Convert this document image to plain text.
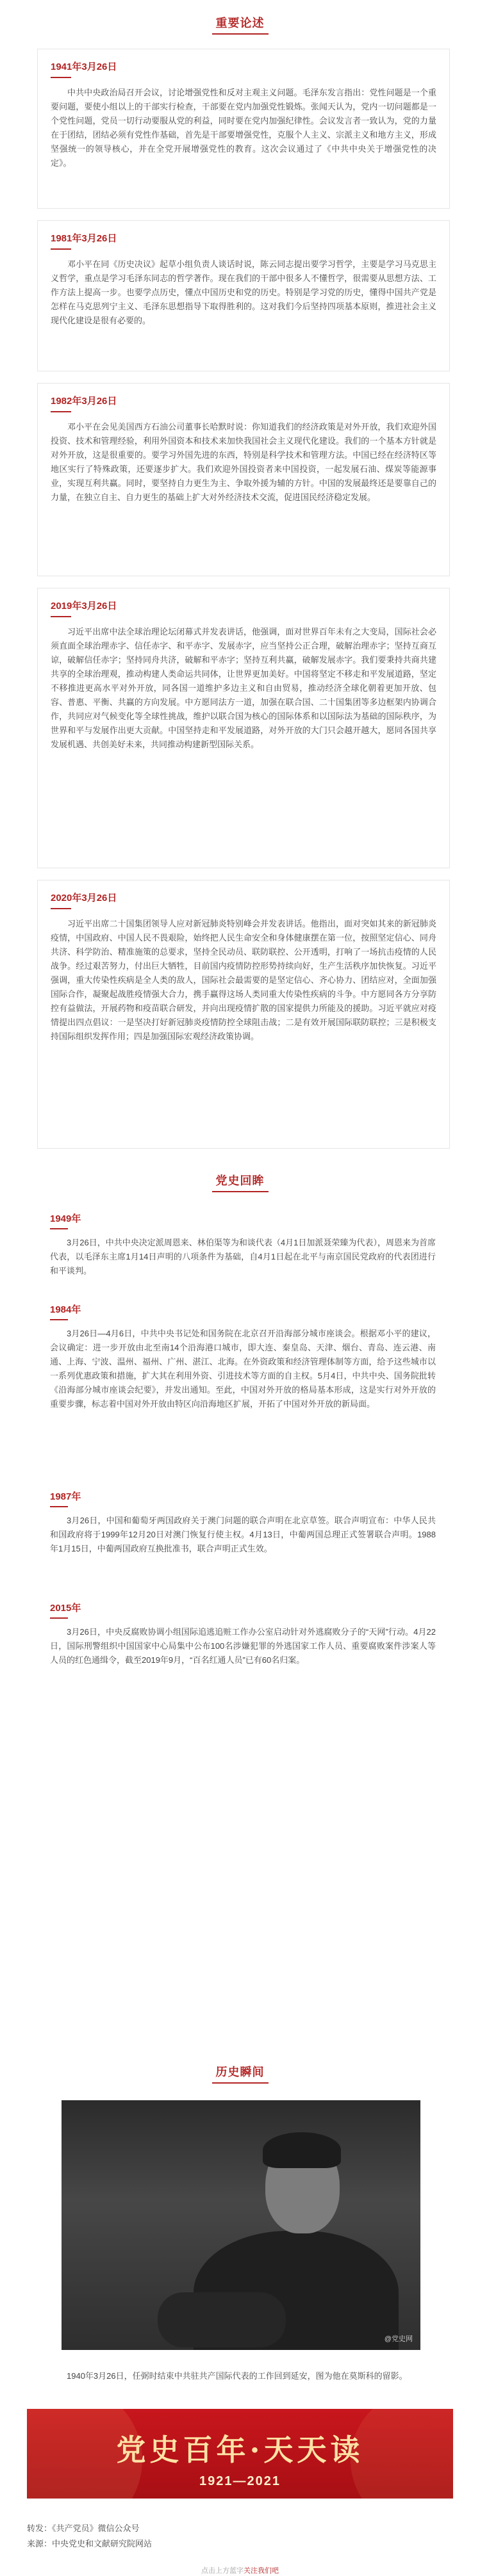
重要论述
1941年3月26日

中共中央政治局召开会议，讨论增强党性和反对主观主义问题。毛泽东发言指出：党性问题是一个重要问题，要使小组以上的干部实行检查，干部要在党内加强党性锻炼。张闻天认为，党内一切问题都是一个党性问题，党员一切行动要服从党的利益，同时要在党内加强纪律性。会议发言者一致认为，党的力量在于团结，团结必须有党性作基础，首先是干部要增强党性，克服个人主义、宗派主义和地方主义，形成坚强统一的领导核心，并在全党开展增强党性的教育。这次会议通过了《中共中央关于增强党性的决定》。

1981年3月26日

邓小平在同《历史决议》起草小组负责人谈话时说，陈云同志提出要学习哲学，主要是学习马克思主义哲学，重点是学习毛泽东同志的哲学著作。现在我们的干部中很多人不懂哲学，很需要从思想方法、工作方法上提高一步。也要学点历史，懂点中国历史和党的历史。特别是学习党的历史，懂得中国共产党是怎样在马克思列宁主义、毛泽东思想指导下取得胜利的。这对我们今后坚持四项基本原则，推进社会主义现代化建设是很有必要的。

1982年3月26日

邓小平在会见美国西方石油公司董事长哈默时说：你知道我们的经济政策是对外开放，我们欢迎外国投资、技术和管理经验，利用外国资本和技术来加快我国社会主义现代化建设。我们的一个基本方针就是对外开放，这是很重要的。要学习外国先进的东西，特别是科学技术和管理方法。中国已经在经济特区等地区实行了特殊政策，还要逐步扩大。我们欢迎外国投资者来中国投资，一起发展石油、煤炭等能源事业，实现互利共赢。同时，要坚持自力更生为主、争取外援为辅的方针。中国的发展最终还是要靠自己的力量，在独立自主、自力更生的基础上扩大对外经济技术交流，促进国民经济稳定发展。

2019年3月26日

习近平出席中法全球治理论坛闭幕式并发表讲话，他强调，面对世界百年未有之大变局，国际社会必须直面全球治理赤字、信任赤字、和平赤字、发展赤字，应当坚持公正合理，破解治理赤字；坚持互商互谅，破解信任赤字；坚持同舟共济，破解和平赤字；坚持互利共赢，破解发展赤字。我们要秉持共商共建共享的全球治理观，推动构建人类命运共同体，让世界更加美好。中国将坚定不移走和平发展道路，坚定不移推进更高水平对外开放，同各国一道维护多边主义和自由贸易，推动经济全球化朝着更加开放、包容、普惠、平衡、共赢的方向发展。中方愿同法方一道，加强在联合国、二十国集团等多边框架内协调合作，共同应对气候变化等全球性挑战，维护以联合国为核心的国际体系和以国际法为基础的国际秩序，为世界和平与发展作出更大贡献。中国坚持走和平发展道路，对外开放的大门只会越开越大，愿同各国共享发展机遇、共创美好未来，共同推动构建新型国际关系。

2020年3月26日

习近平出席二十国集团领导人应对新冠肺炎特别峰会并发表讲话。他指出，面对突如其来的新冠肺炎疫情，中国政府、中国人民不畏艰险，始终把人民生命安全和身体健康摆在第一位，按照坚定信心、同舟共济、科学防治、精准施策的总要求，坚持全民动员、联防联控、公开透明，打响了一场抗击疫情的人民战争。经过艰苦努力，付出巨大牺牲，目前国内疫情防控形势持续向好，生产生活秩序加快恢复。习近平强调，重大传染性疾病是全人类的敌人，国际社会最需要的是坚定信心、齐心协力、团结应对，全面加强国际合作，凝聚起战胜疫情强大合力，携手赢得这场人类同重大传染性疾病的斗争。中方愿同各方分享防控有益做法，开展药物和疫苗联合研发，并向出现疫情扩散的国家提供力所能及的援助。习近平就应对疫情提出四点倡议：一是坚决打好新冠肺炎疫情防控全球阻击战；二是有效开展国际联防联控；三是积极支持国际组织发挥作用；四是加强国际宏观经济政策协调。

党史回眸
1949年

3月26日，中共中央决定派周恩来、林伯渠等为和谈代表（4月1日加派聂荣臻为代表），周恩来为首席代表，以毛泽东主席1月14日声明的八项条件为基础，自4月1日起在北平与南京国民党政府的代表团进行和平谈判。

1984年

3月26日—4月6日，中共中央书记处和国务院在北京召开沿海部分城市座谈会。根据邓小平的建议，会议确定：进一步开放由北至南14个沿海港口城市，即大连、秦皇岛、天津、烟台、青岛、连云港、南通、上海、宁波、温州、福州、广州、湛江、北海。在外资政策和经济管理体制等方面，给予这些城市以一系列优惠政策和措施，扩大其在利用外资、引进技术等方面的自主权。5月4日，中共中央、国务院批转《沿海部分城市座谈会纪要》，并发出通知。至此，中国对外开放的格局基本形成，这是实行对外开放的重要步骤，标志着中国对外开放由特区向沿海地区扩展，开拓了中国对外开放的新局面。

1987年

3月26日，中国和葡萄牙两国政府关于澳门问题的联合声明在北京草签。联合声明宣布：中华人民共和国政府将于1999年12月20日对澳门恢复行使主权。4月13日，中葡两国总理正式签署联合声明。1988年1月15日，中葡两国政府互换批准书，联合声明正式生效。

2015年

3月26日，中央反腐败协调小组国际追逃追赃工作办公室启动针对外逃腐败分子的“天网”行动。4月22日，国际刑警组织中国国家中心局集中公布100名涉嫌犯罪的外逃国家工作人员、重要腐败案件涉案人等人员的红色通缉令，截至2019年9月，“百名红通人员”已有60名归案。

历史瞬间
@党史网
1940年3月26日，任弼时结束中共驻共产国际代表的工作回到延安，图为他在莫斯科的留影。
党史百年·天天读
1921—2021
转发：《共产党员》微信公众号
来源：中央党史和文献研究院网站
点击上方蓝字关注我们吧
